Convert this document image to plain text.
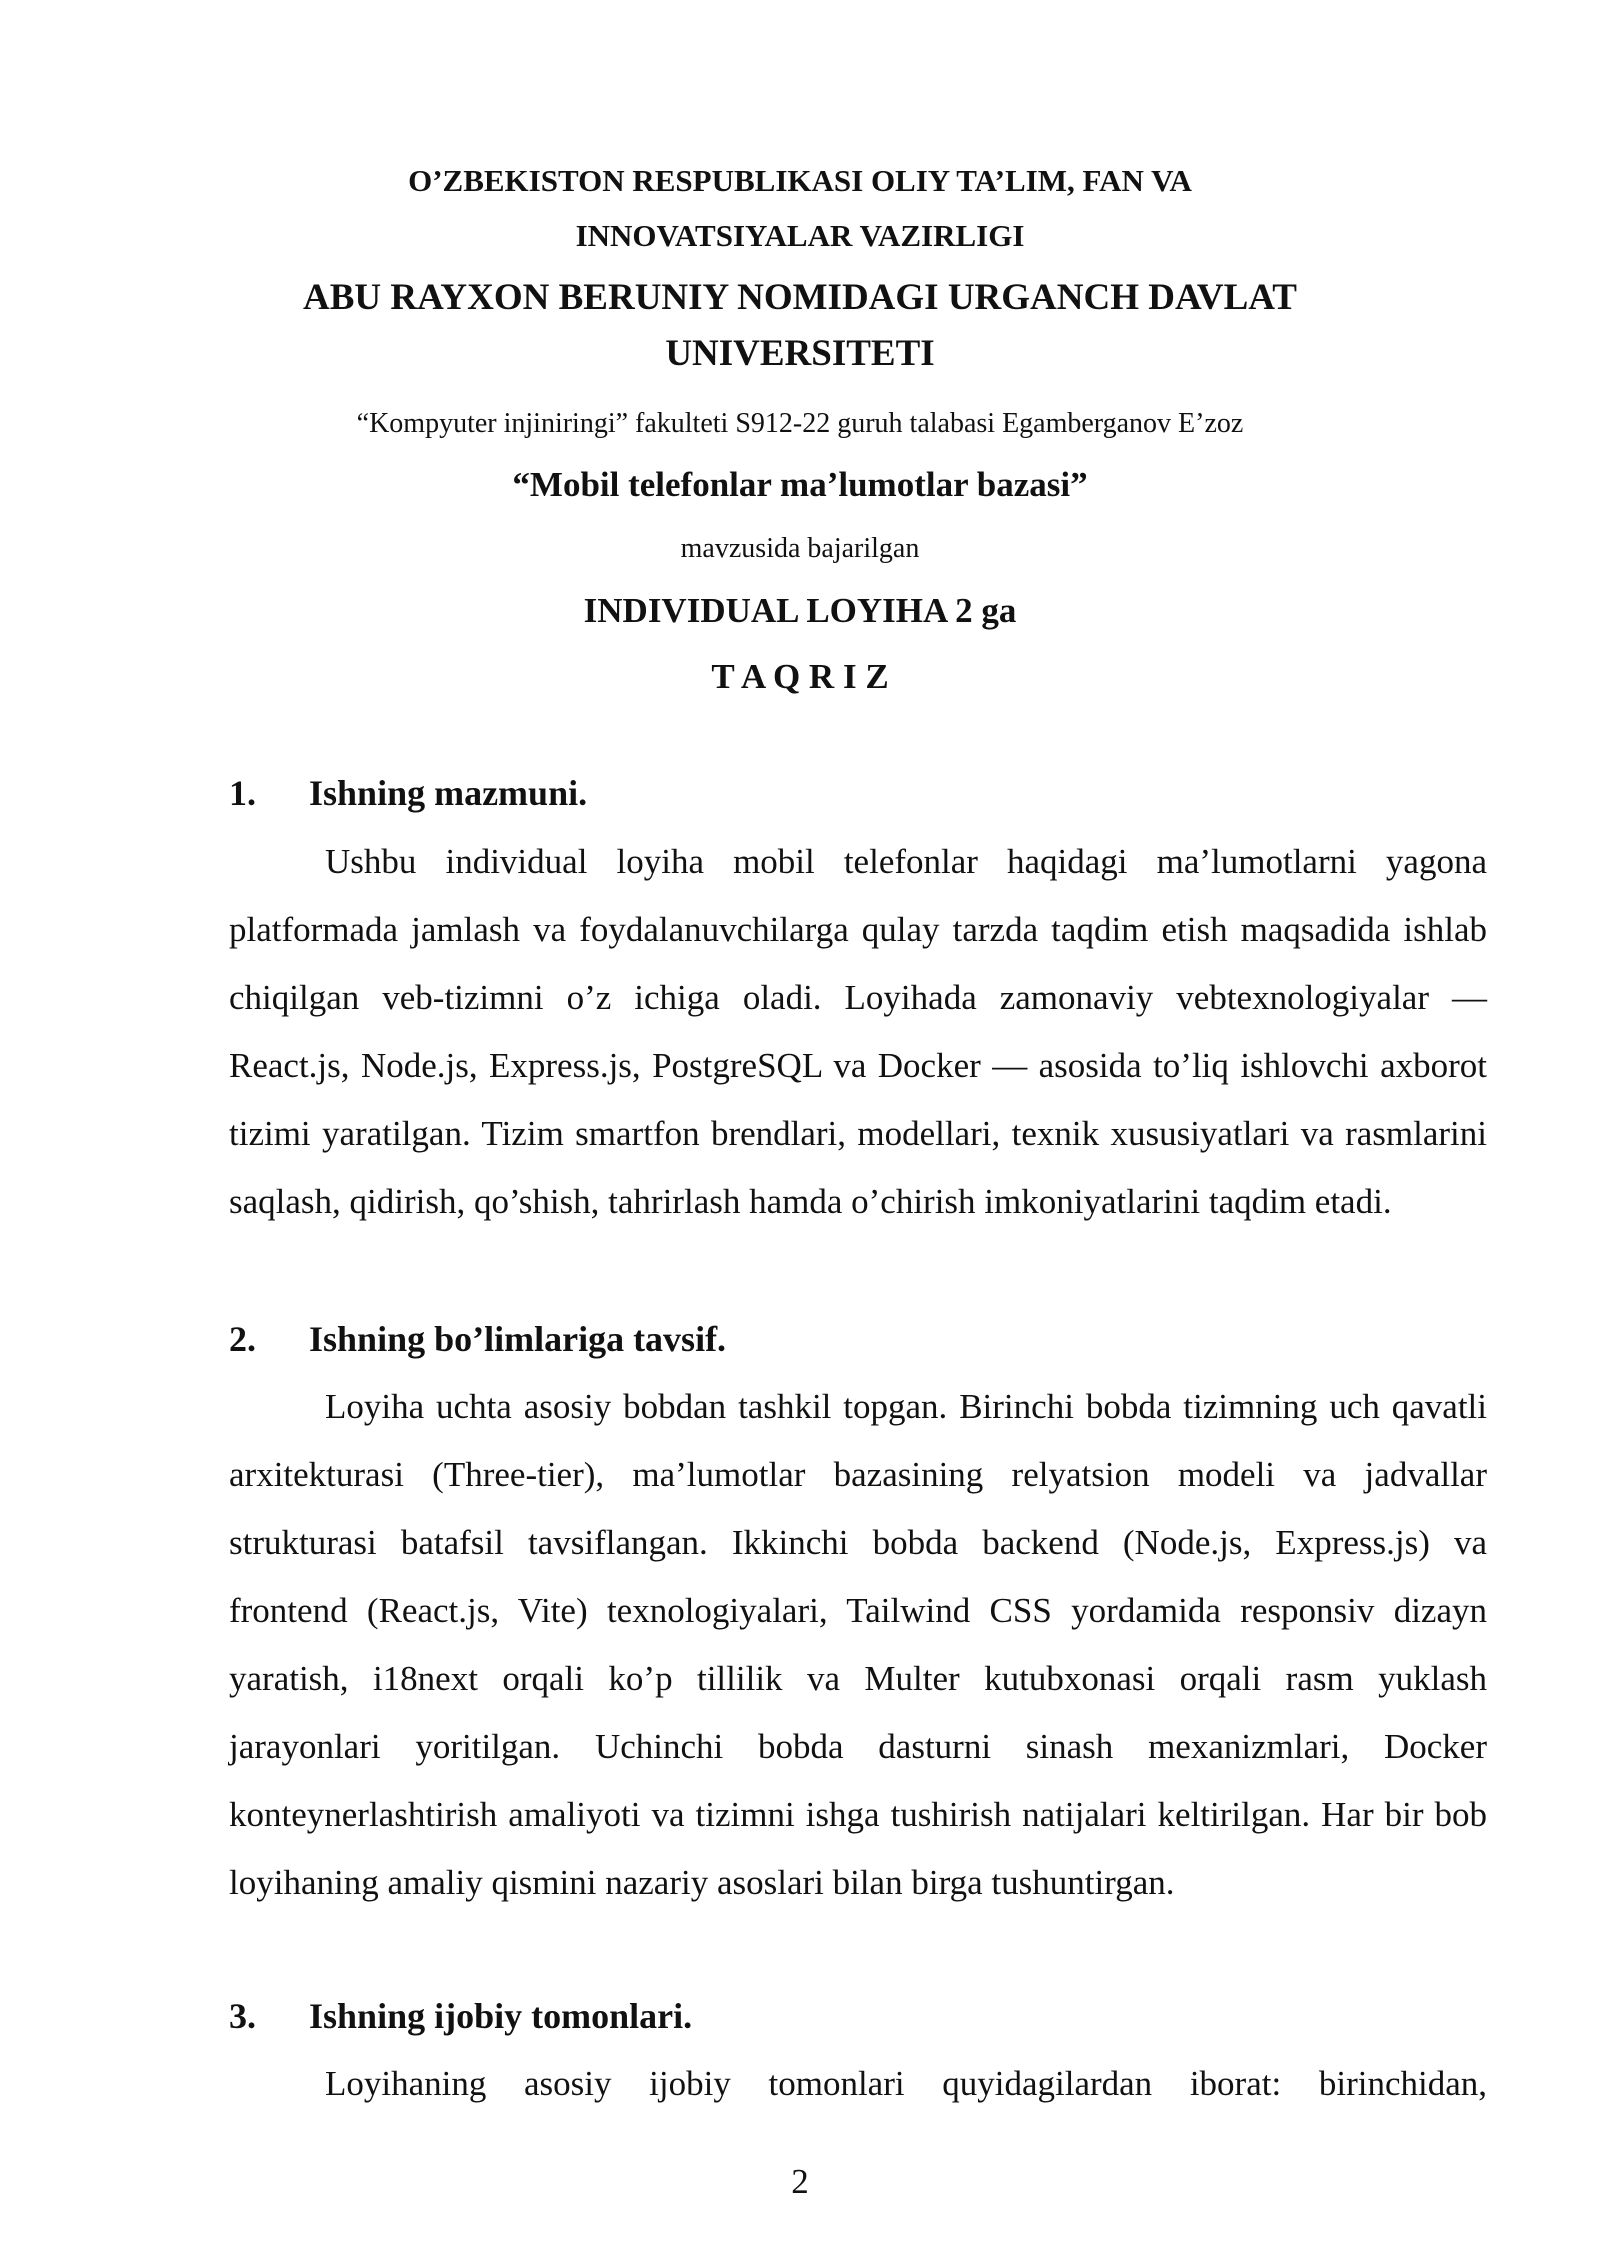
O’ZBEKISTON RESPUBLIKASI OLIY TA’LIM, FAN VA
INNOVATSIYALAR VAZIRLIGI
ABU RAYXON BERUNIY NOMIDAGI URGANCH DAVLAT
UNIVERSITETI
“Kompyuter injiniringi” fakulteti S912-22 guruh talabasi Egamberganov E’zoz
“Mobil telefonlar ma’lumotlar bazasi”
mavzusida bajarilgan
INDIVIDUAL LOYIHA 2 ga
T A Q R I Z
1. Ishning mazmuni.

Ushbu individual loyiha mobil telefonlar haqidagi ma’lumotlarni yagona platformada jamlash va foydalanuvchilarga qulay tarzda taqdim etish maqsadida ishlab chiqilgan veb-tizimni o’z ichiga oladi. Loyihada zamonaviy vebtexnologiyalar — React.js, Node.js, Express.js, PostgreSQL va Docker — asosida to’liq ishlovchi axborot tizimi yaratilgan. Tizim smartfon brendlari, modellari, texnik xususiyatlari va rasmlarini saqlash, qidirish, qo’shish, tahrirlash hamda o’chirish imkoniyatlarini taqdim etadi.

2. Ishning bo’limlariga tavsif.

Loyiha uchta asosiy bobdan tashkil topgan. Birinchi bobda tizimning uch qavatli arxitekturasi (Three-tier), ma’lumotlar bazasining relyatsion modeli va jadvallar strukturasi batafsil tavsiflangan. Ikkinchi bobda backend (Node.js, Express.js) va frontend (React.js, Vite) texnologiyalari, Tailwind CSS yordamida responsiv dizayn yaratish, i18next orqali ko’p tillilik va Multer kutubxonasi orqali rasm yuklash jarayonlari yoritilgan. Uchinchi bobda dasturni sinash mexanizmlari, Docker konteynerlashtirish amaliyoti va tizimni ishga tushirish natijalari keltirilgan. Har bir bob loyihaning amaliy qismini nazariy asoslari bilan birga tushuntirgan.

3. Ishning ijobiy tomonlari.

Loyihaning asosiy ijobiy tomonlari quyidagilardan iborat: birinchidan,

2
